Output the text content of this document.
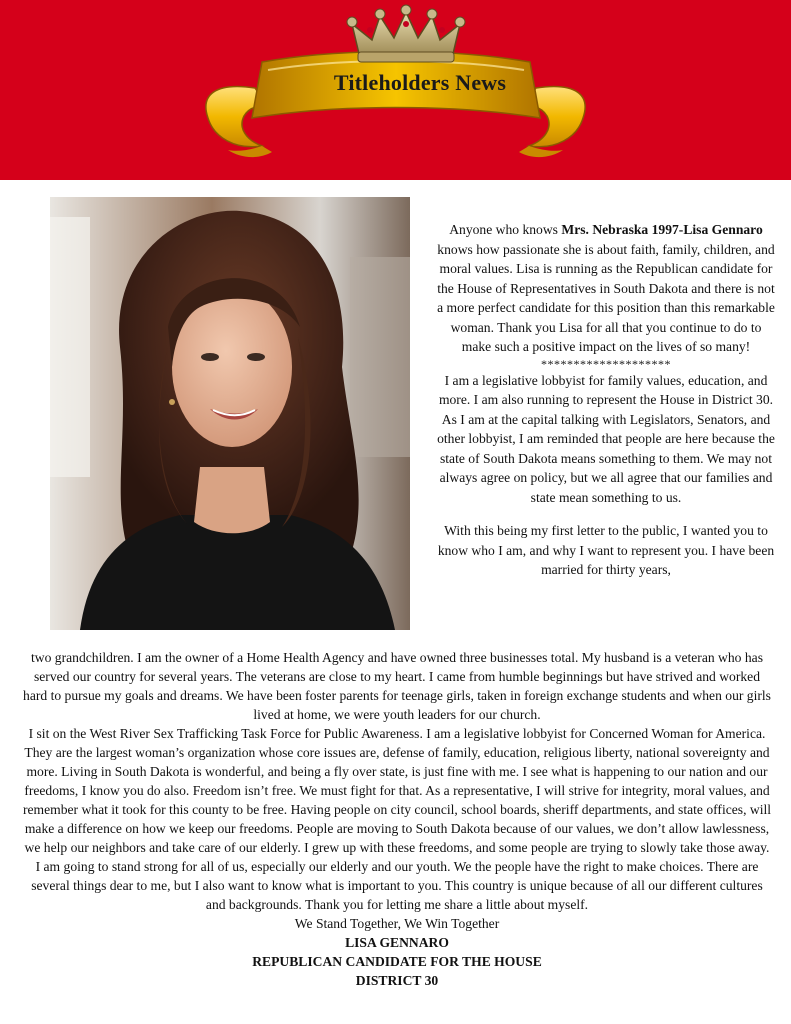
Titleholders News

Anyone who knows Mrs. Nebraska 1997-Lisa Gennaro knows how passionate she is about faith, family, children, and moral values. Lisa is running as the Republican candidate for the House of Representatives in South Dakota and there is not a more perfect candidate for this position than this remarkable woman. Thank you Lisa for all that you continue to do to make such a positive impact on the lives of so many!

********************

I am a legislative lobbyist for family values, education, and more. I am also running to represent the House in District 30. As I am at the capital talking with Legislators, Senators, and other lobbyist, I am reminded that people are here because the state of South Dakota means something to them. We may not always agree on policy, but we all agree that our families and state mean something to us.

With this being my first letter to the public, I wanted you to know who I am, and why I want to represent you. I have been married for thirty years,

two grandchildren. I am the owner of a Home Health Agency and have owned three businesses total. My husband is a veteran who has served our country for several years. The veterans are close to my heart. I came from humble beginnings but have strived and worked hard to pursue my goals and dreams. We have been foster parents for teenage girls, taken in foreign exchange students and when our girls lived at home, we were youth leaders for our church.

I sit on the West River Sex Trafficking Task Force for Public Awareness. I am a legislative lobbyist for Concerned Woman for America. They are the largest woman’s organization whose core issues are, defense of family, education, religious liberty, national sovereignty and more. Living in South Dakota is wonderful, and being a fly over state, is just fine with me. I see what is happening to our nation and our freedoms, I know you do also. Freedom isn’t free. We must fight for that. As a representative, I will strive for integrity, moral values, and remember what it took for this county to be free. Having people on city council, school boards, sheriff departments, and state offices, will make a difference on how we keep our freedoms. People are moving to South Dakota because of our values, we don’t allow lawlessness, we help our neighbors and take care of our elderly. I grew up with these freedoms, and some people are trying to slowly take those away. I am going to stand strong for all of us, especially our elderly and our youth. We the people have the right to make choices. There are several things dear to me, but I also want to know what is important to you. This country is unique because of all our different cultures and backgrounds. Thank you for letting me share a little about myself.

We Stand Together, We Win Together

LISA GENNARO

REPUBLICAN CANDIDATE FOR THE HOUSE

DISTRICT 30
